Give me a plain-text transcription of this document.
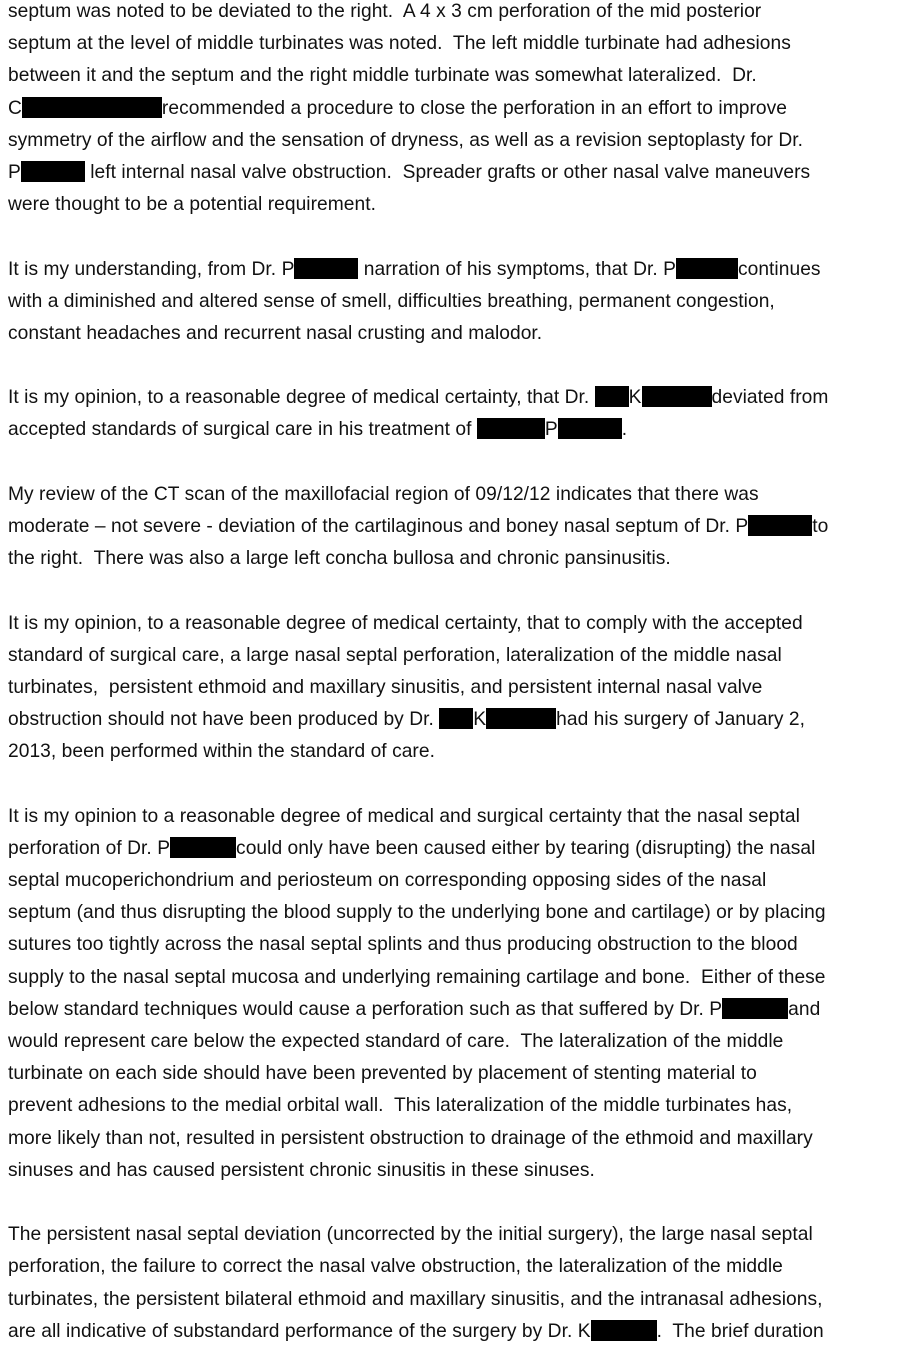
septum was noted to be deviated to the right.  A 4 x 3 cm perforation of the mid posterior
septum at the level of middle turbinates was noted.  The left middle turbinate had adhesions
between it and the septum and the right middle turbinate was somewhat lateralized.  Dr.
C	recommended a procedure to close the perforation in an effort to improve
symmetry of the airflow and the sensation of dryness, as well as a revision septoplasty for Dr.
P	left internal nasal valve obstruction.  Spreader grafts or other nasal valve maneuvers
were thought to be a potential requirement.
It is my understanding, from Dr. P	narration of his symptoms, that Dr. P	continues
with a diminished and altered sense of smell, difficulties breathing, permanent congestion,
constant headaches and recurrent nasal crusting and malodor.
It is my opinion, to a reasonable degree of medical certainty, that Dr. K	deviated from
accepted standards of surgical care in his treatment of	P	.
My review of the CT scan of the maxillofacial region of 09/12/12 indicates that there was
moderate – not severe - deviation of the cartilaginous and boney nasal septum of Dr. P	to
the right.  There was also a large left concha bullosa and chronic pansinusitis.
It is my opinion, to a reasonable degree of medical certainty, that to comply with the accepted
standard of surgical care, a large nasal septal perforation, lateralization of the middle nasal
turbinates,  persistent ethmoid and maxillary sinusitis, and persistent internal nasal valve
obstruction should not have been produced by Dr. K	had his surgery of January 2,
2013, been performed within the standard of care.
It is my opinion to a reasonable degree of medical and surgical certainty that the nasal septal
perforation of Dr. P	could only have been caused either by tearing (disrupting) the nasal
septal mucoperichondrium and periosteum on corresponding opposing sides of the nasal
septum (and thus disrupting the blood supply to the underlying bone and cartilage) or by placing
sutures too tightly across the nasal septal splints and thus producing obstruction to the blood
supply to the nasal septal mucosa and underlying remaining cartilage and bone.  Either of these
below standard techniques would cause a perforation such as that suffered by Dr. P	and
would represent care below the expected standard of care.  The lateralization of the middle
turbinate on each side should have been prevented by placement of stenting material to
prevent adhesions to the medial orbital wall.  This lateralization of the middle turbinates has,
more likely than not, resulted in persistent obstruction to drainage of the ethmoid and maxillary
sinuses and has caused persistent chronic sinusitis in these sinuses.
The persistent nasal septal deviation (uncorrected by the initial surgery), the large nasal septal
perforation, the failure to correct the nasal valve obstruction, the lateralization of the middle
turbinates, the persistent bilateral ethmoid and maxillary sinusitis, and the intranasal adhesions,
are all indicative of substandard performance of the surgery by Dr. K	.  The brief duration
